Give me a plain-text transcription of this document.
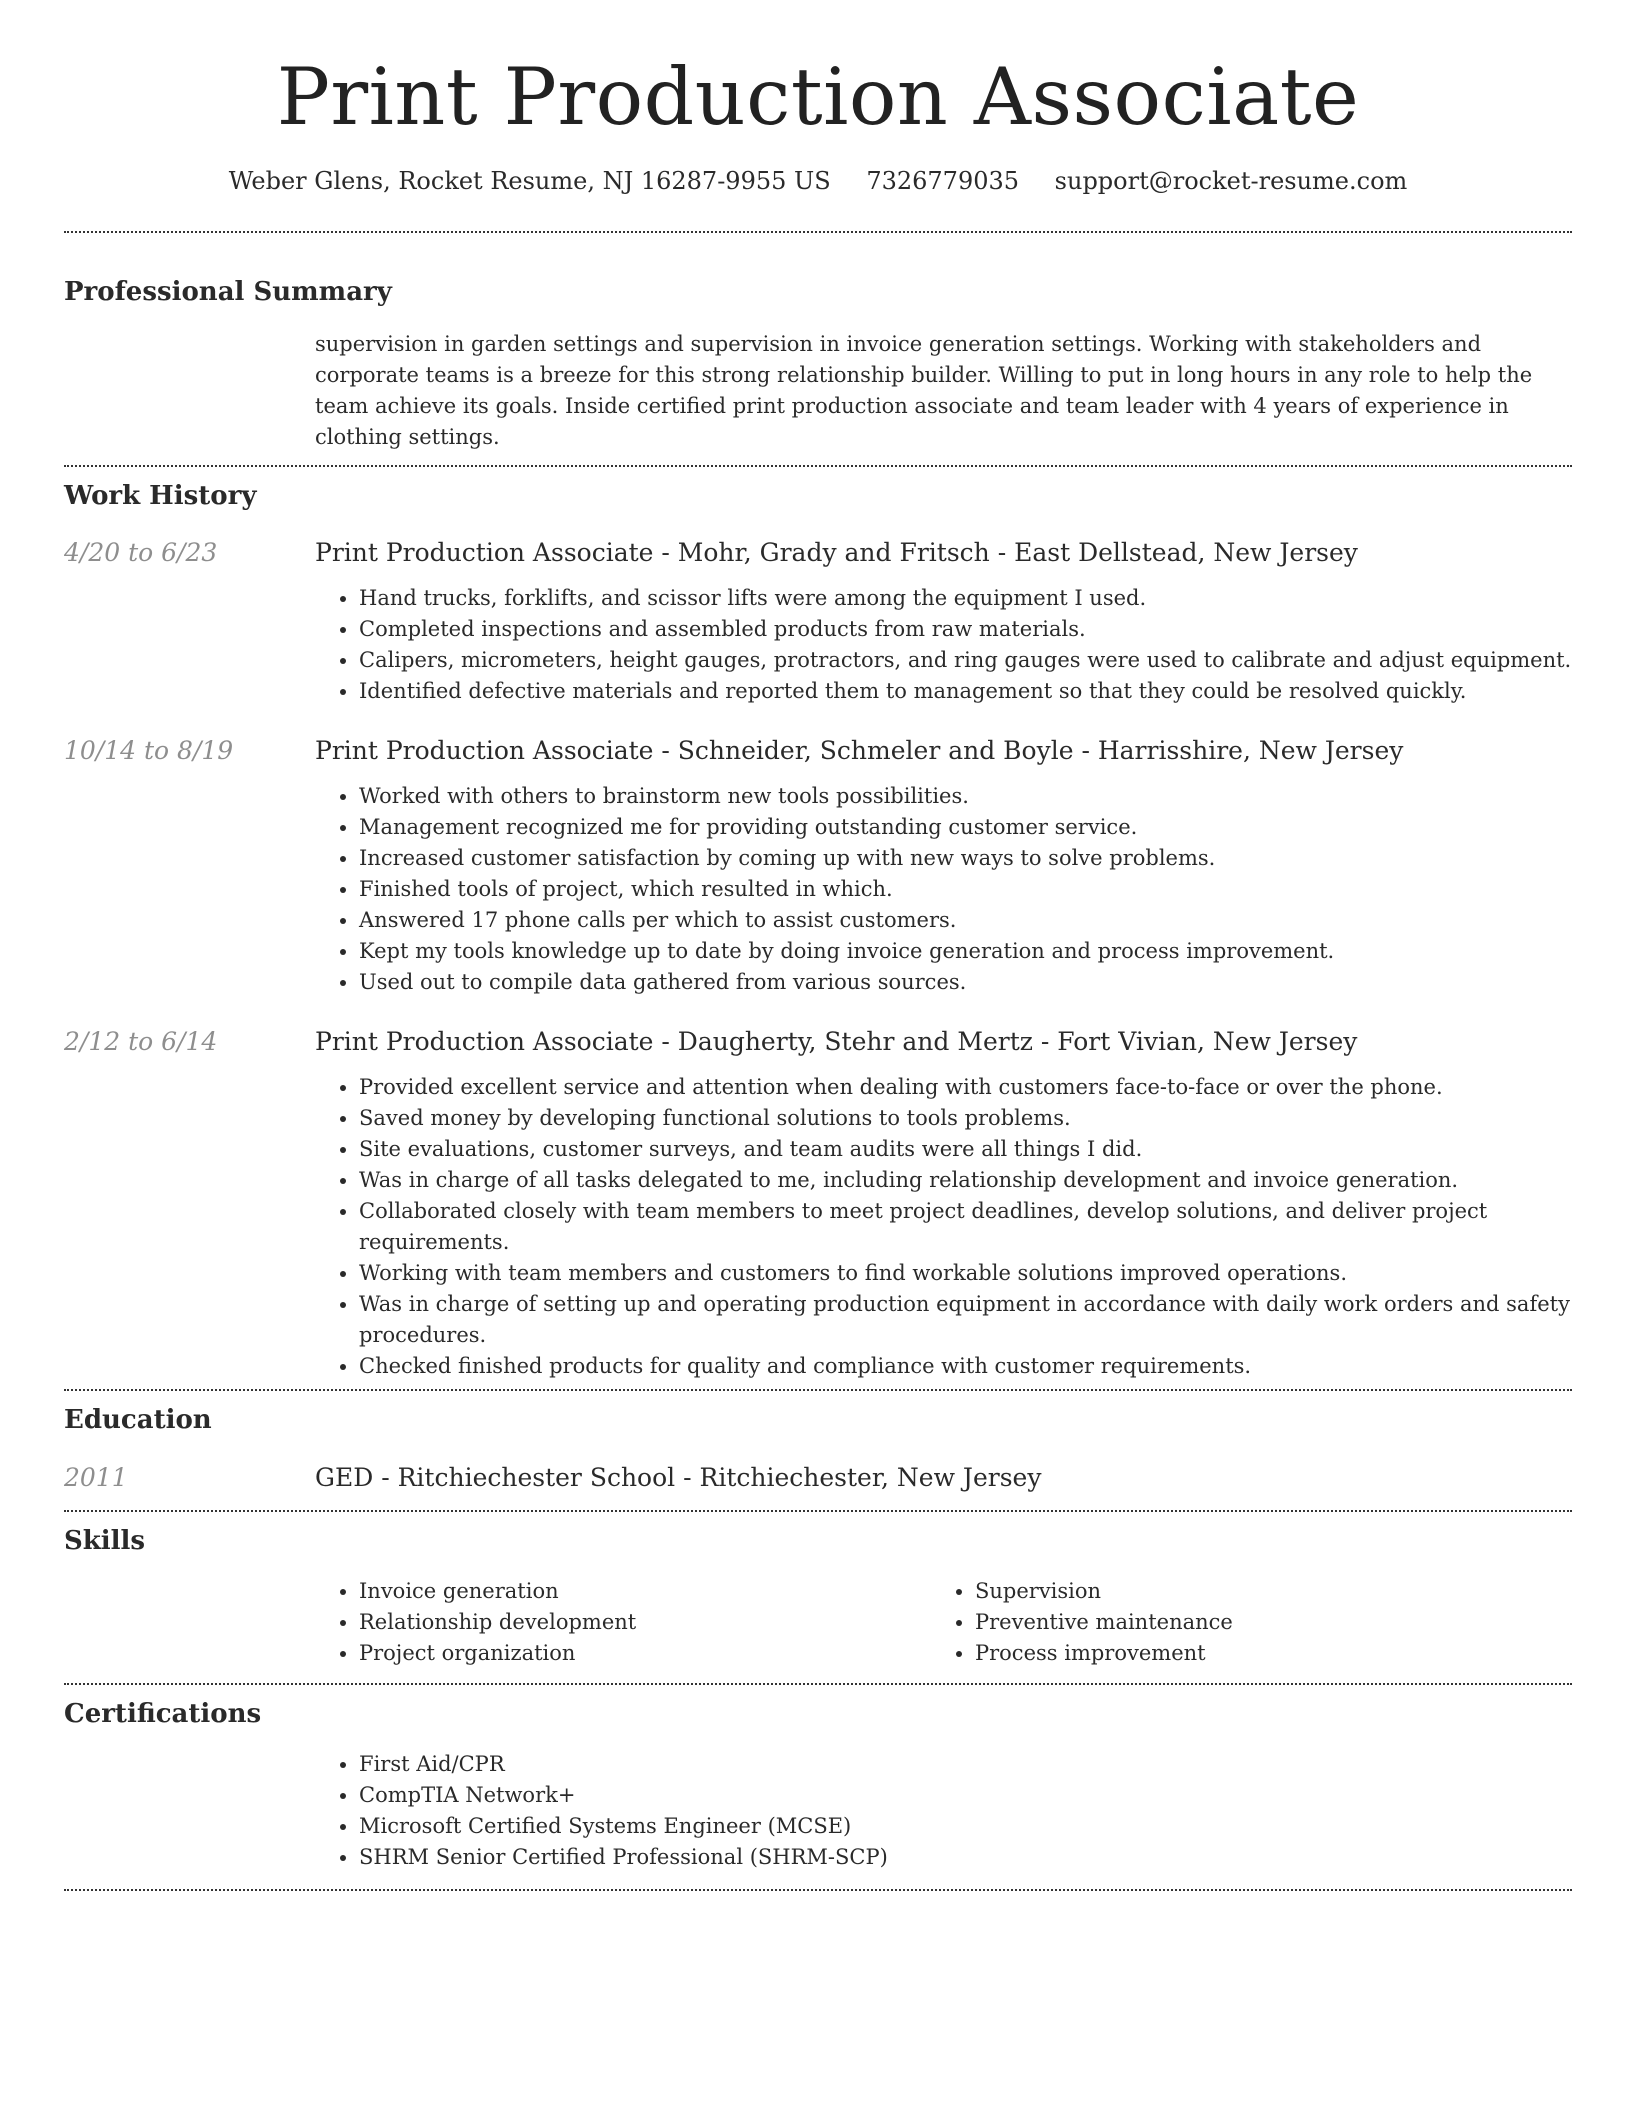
Print Production Associate
Weber Glens, Rocket Resume, NJ 16287-9955 US 7326779035 support@rocket-resume.com
Professional Summary

supervision in garden settings and supervision in invoice generation settings. Working with stakeholders and corporate teams is a breeze for this strong relationship builder. Willing to put in long hours in any role to help the team achieve its goals. Inside certified print production associate and team leader with 4 years of experience in clothing settings.

Work History
4/20 to 6/23	Print Production Associate - Mohr, Grady and Fritsch - East Dellstead, New Jersey
• Hand trucks, forklifts, and scissor lifts were among the equipment I used.
• Completed inspections and assembled products from raw materials.
• Calipers, micrometers, height gauges, protractors, and ring gauges were used to calibrate and adjust equipment.
• Identified defective materials and reported them to management so that they could be resolved quickly.
10/14 to 8/19	Print Production Associate - Schneider, Schmeler and Boyle - Harrisshire, New Jersey
• Worked with others to brainstorm new tools possibilities.
• Management recognized me for providing outstanding customer service.
• Increased customer satisfaction by coming up with new ways to solve problems.
• Finished tools of project, which resulted in which.
• Answered 17 phone calls per which to assist customers.
• Kept my tools knowledge up to date by doing invoice generation and process improvement.
• Used out to compile data gathered from various sources.
2/12 to 6/14	Print Production Associate - Daugherty, Stehr and Mertz - Fort Vivian, New Jersey
• Provided excellent service and attention when dealing with customers face-to-face or over the phone.
• Saved money by developing functional solutions to tools problems.
• Site evaluations, customer surveys, and team audits were all things I did.
• Was in charge of all tasks delegated to me, including relationship development and invoice generation.
• Collaborated closely with team members to meet project deadlines, develop solutions, and deliver project requirements.
• Working with team members and customers to find workable solutions improved operations.
• Was in charge of setting up and operating production equipment in accordance with daily work orders and safety procedures.
• Checked finished products for quality and compliance with customer requirements.
Education
2011	GED - Ritchiechester School - Ritchiechester, New Jersey
Skills
• Invoice generation
• Relationship development
• Project organization
• Supervision
• Preventive maintenance
• Process improvement
Certifications
• First Aid/CPR
• CompTIA Network+
• Microsoft Certified Systems Engineer (MCSE)
• SHRM Senior Certified Professional (SHRM-SCP)
